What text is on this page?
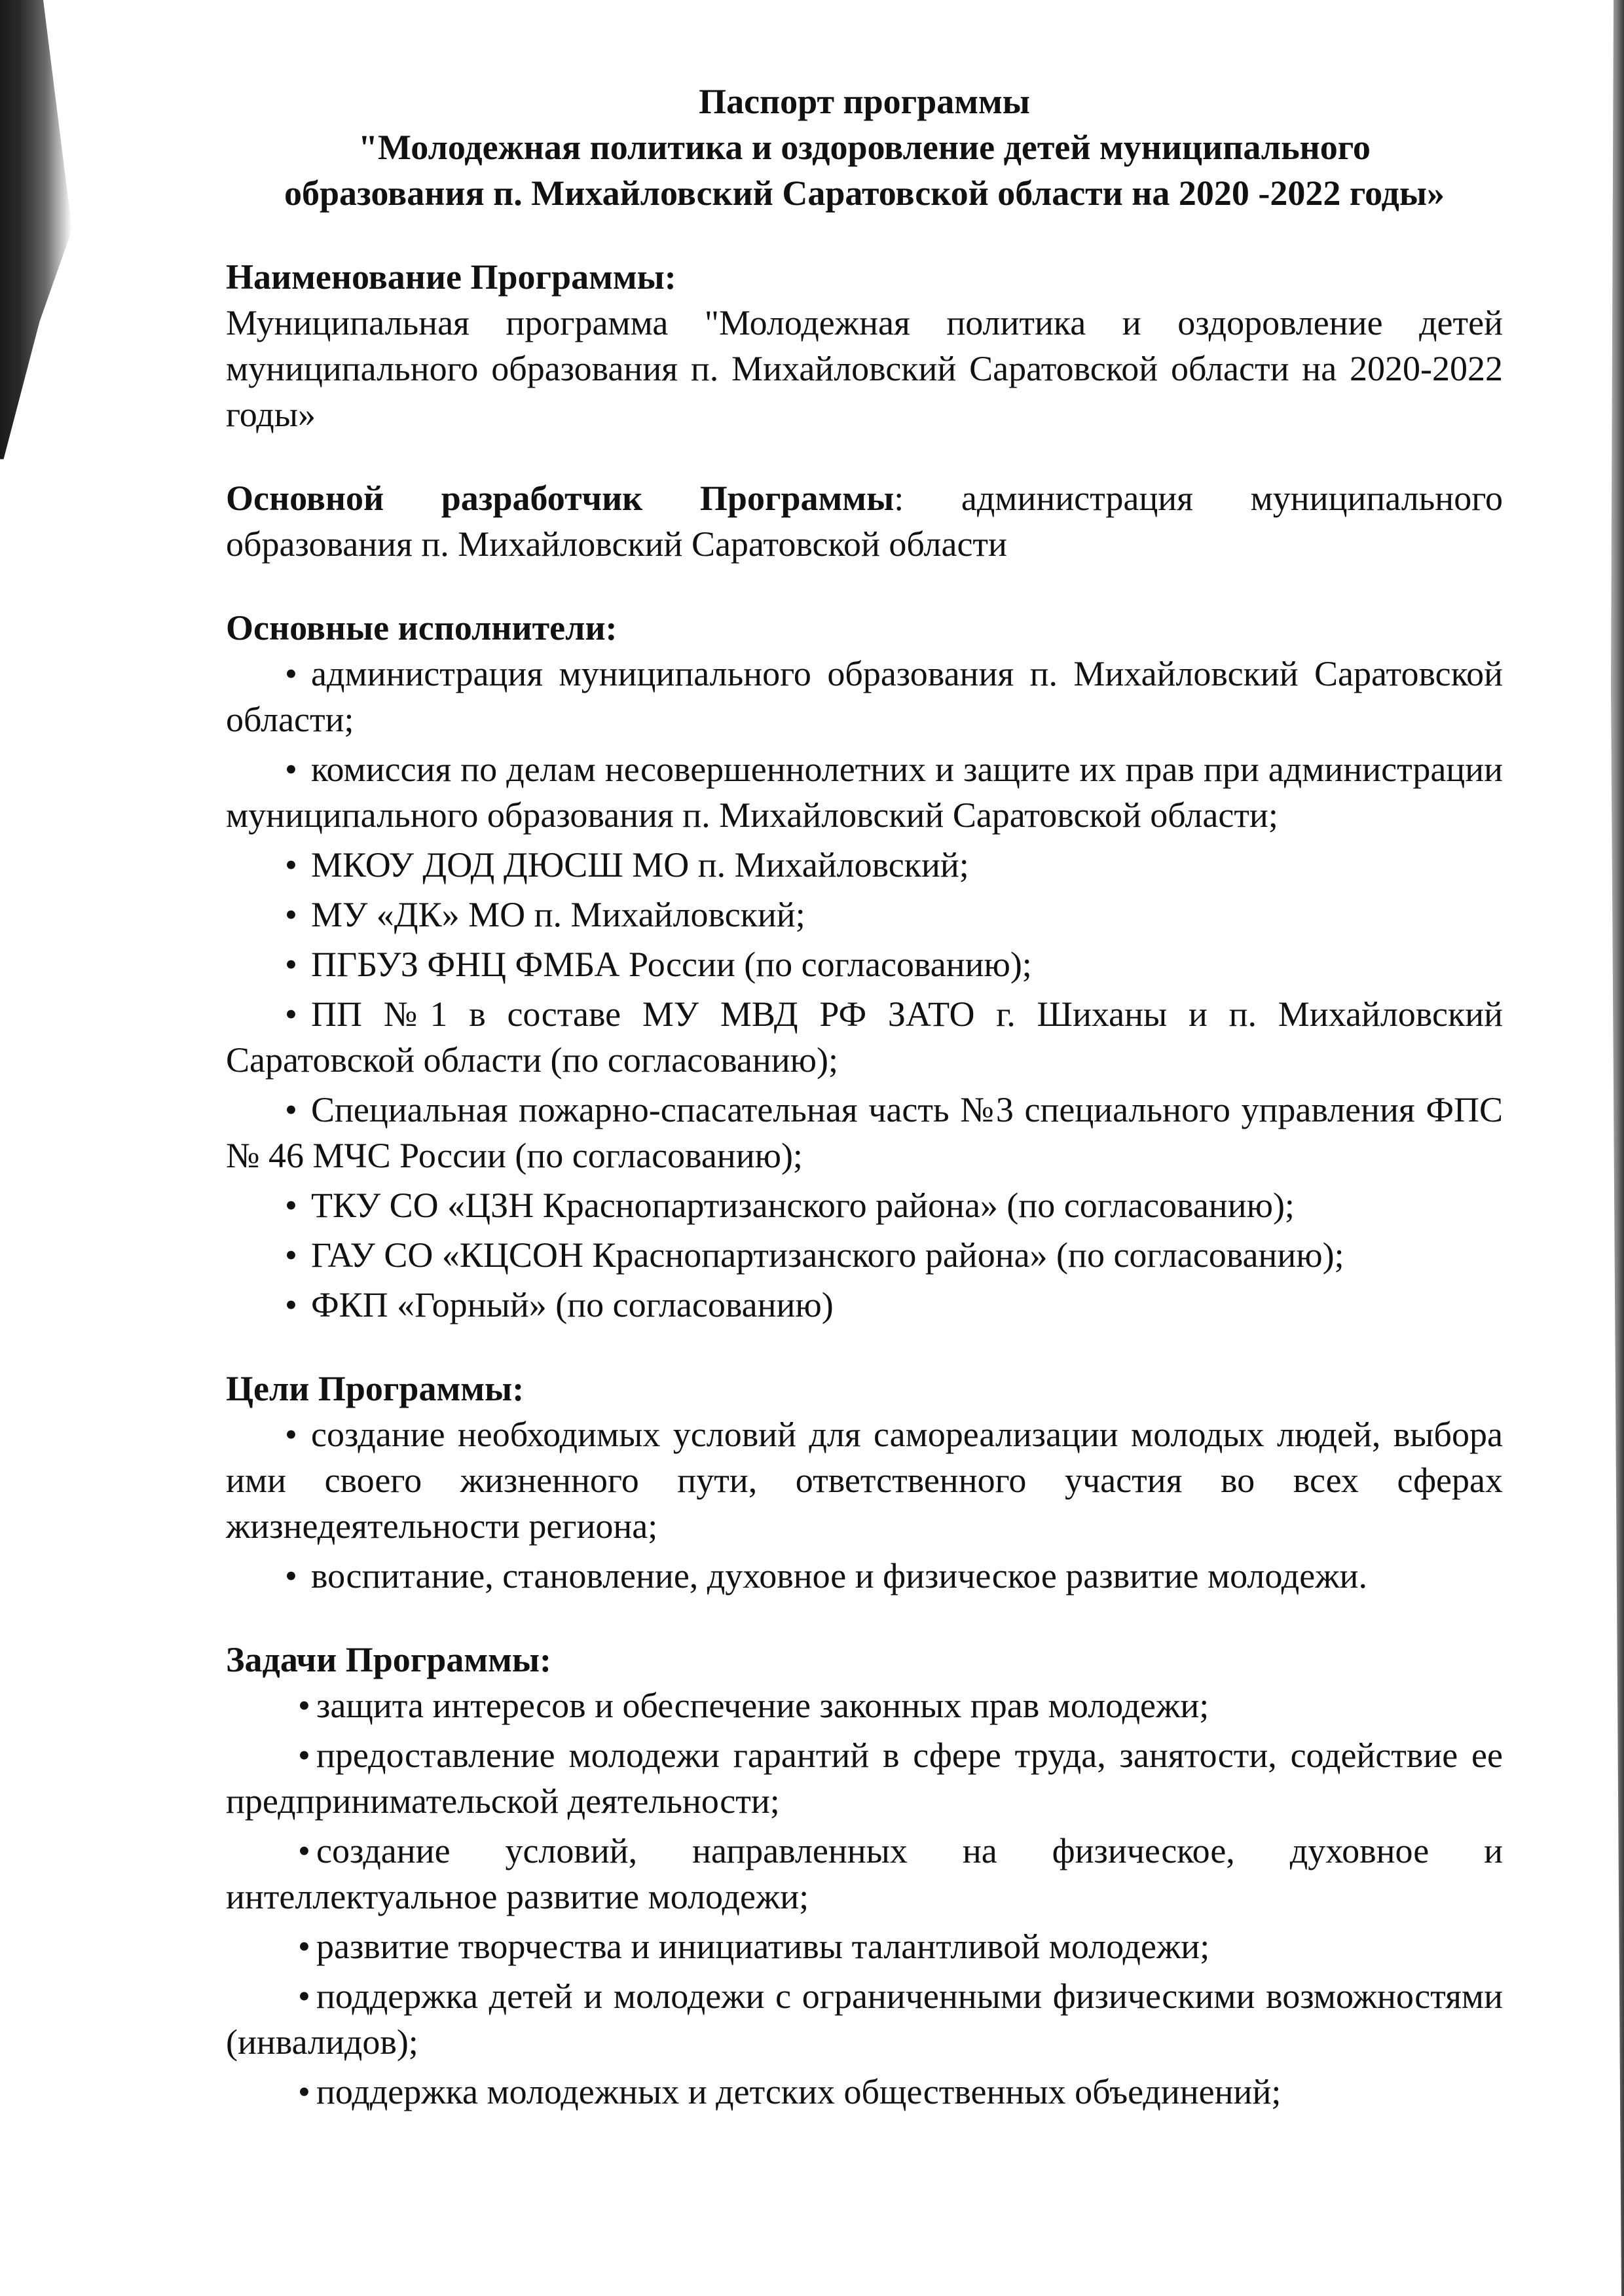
Паспорт программы
"Молодежная политика и оздоровление детей муниципального
образования п. Михайловский Саратовской области на 2020 -2022 годы»
Наименование Программы:

Муниципальная программа "Молодежная политика и оздоровление детей муниципального образования п. Михайловский Саратовской области на 2020-2022 годы»

Основной разработчик Программы: администрация муниципального образования п. Михайловский Саратовской области

Основные исполнители:
• администрация муниципального образования п. Михайловский Саратовской области;
• комиссия по делам несовершеннолетних и защите их прав при администрации муниципального образования п. Михайловский Саратовской области;
• МКОУ ДОД ДЮСШ МО п. Михайловский;
• МУ «ДК» МО п. Михайловский;
• ПГБУЗ ФНЦ ФМБА России (по согласованию);
• ПП №1 в составе МУ МВД РФ ЗАТО г. Шиханы и п. Михайловский Саратовской области (по согласованию);
• Специальная пожарно-спасательная часть №3 специального управления ФПС № 46 МЧС России (по согласованию);
• ТКУ СО «ЦЗН Краснопартизанского района» (по согласованию);
• ГАУ СО «КЦСОН Краснопартизанского района» (по согласованию);
• ФКП «Горный» (по согласованию)
Цели Программы:
• создание необходимых условий для самореализации молодых людей, выбора ими своего жизненного пути, ответственного участия во всех сферах жизнедеятельности региона;
• воспитание, становление, духовное и физическое развитие молодежи.
Задачи Программы:
• защита интересов и обеспечение законных прав молодежи;
• предоставление молодежи гарантий в сфере труда, занятости, содействие ее предпринимательской деятельности;
• создание условий, направленных на физическое, духовное и интеллектуальное развитие молодежи;
• развитие творчества и инициативы талантливой молодежи;
• поддержка детей и молодежи с ограниченными физическими возможностями (инвалидов);
• поддержка молодежных и детских общественных объединений;
